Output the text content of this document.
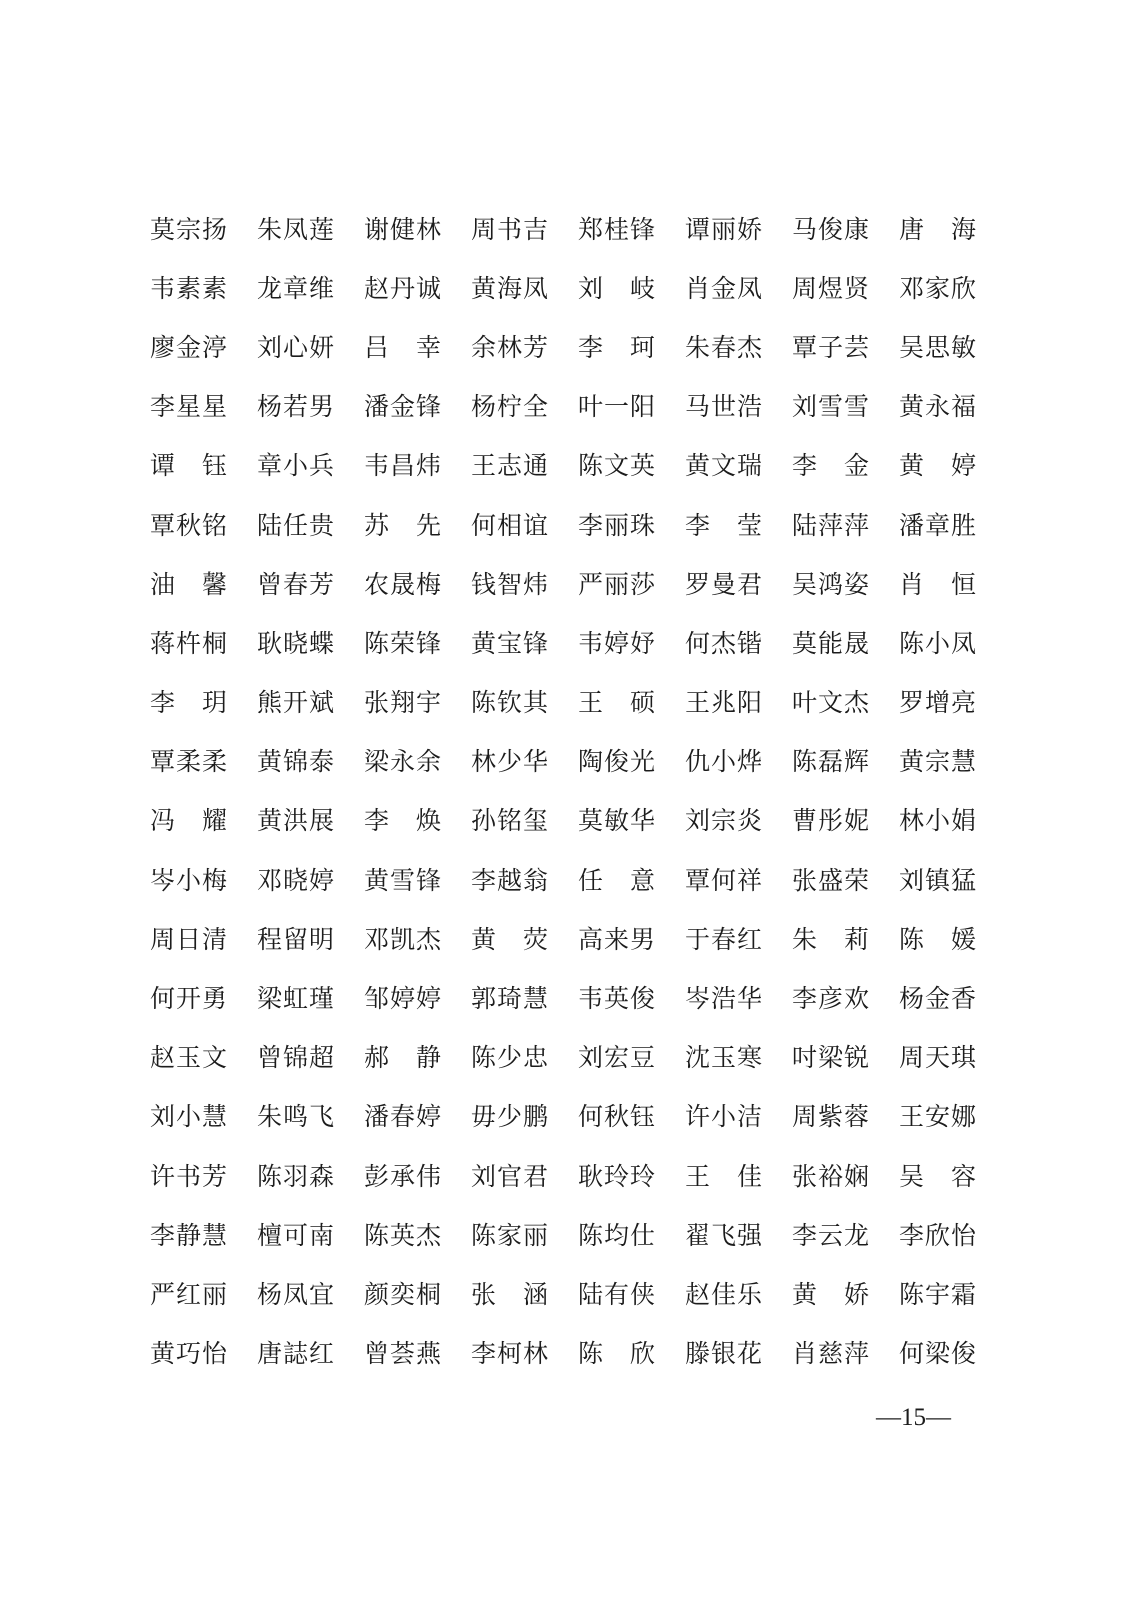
莫宗扬	朱凤莲	谢健林	周书吉	郑桂锋	谭丽娇	马俊康	唐　海
韦素素	龙章维	赵丹诚	黄海凤	刘　岐	肖金凤	周煜贤	邓家欣
廖金渟	刘心妍	吕　幸	余林芳	李　珂	朱春杰	覃子芸	吴思敏
李星星	杨若男	潘金锋	杨柠全	叶一阳	马世浩	刘雪雪	黄永福
谭　钰	章小兵	韦昌炜	王志通	陈文英	黄文瑞	李　金	黄　婷
覃秋铭	陆任贵	苏　先	何相谊	李丽珠	李　莹	陆萍萍	潘章胜
油　馨	曾春芳	农晟梅	钱智炜	严丽莎	罗曼君	吴鸿姿	肖　恒
蒋杵桐	耿晓蝶	陈荣锋	黄宝锋	韦婷妤	何杰锴	莫能晟	陈小凤
李　玥	熊开斌	张翔宇	陈钦其	王　硕	王兆阳	叶文杰	罗增亮
覃柔柔	黄锦泰	梁永余	林少华	陶俊光	仇小烨	陈磊辉	黄宗慧
冯　耀	黄洪展	李　焕	孙铭玺	莫敏华	刘宗炎	曹彤妮	林小娟
岑小梅	邓晓婷	黄雪锋	李越翁	任　意	覃何祥	张盛荣	刘镇猛
周日清	程留明	邓凯杰	黄　荧	高来男	于春红	朱　莉	陈　媛
何开勇	梁虹瑾	邹婷婷	郭琦慧	韦英俊	岑浩华	李彦欢	杨金香
赵玉文	曾锦超	郝　静	陈少忠	刘宏豆	沈玉寒	吋梁锐	周天琪
刘小慧	朱鸣飞	潘春婷	毋少鹏	何秋钰	许小洁	周紫蓉	王安娜
许书芳	陈羽森	彭承伟	刘官君	耿玲玲	王　佳	张裕娴	吴　容
李静慧	檀可南	陈英杰	陈家丽	陈均仕	翟飞强	李云龙	李欣怡
严红丽	杨凤宜	颜奕桐	张　涵	陆有侠	赵佳乐	黄　娇	陈宇霜
黄巧怡	唐誌红	曾荟燕	李柯林	陈　欣	滕银花	肖慈萍	何梁俊
—15—
